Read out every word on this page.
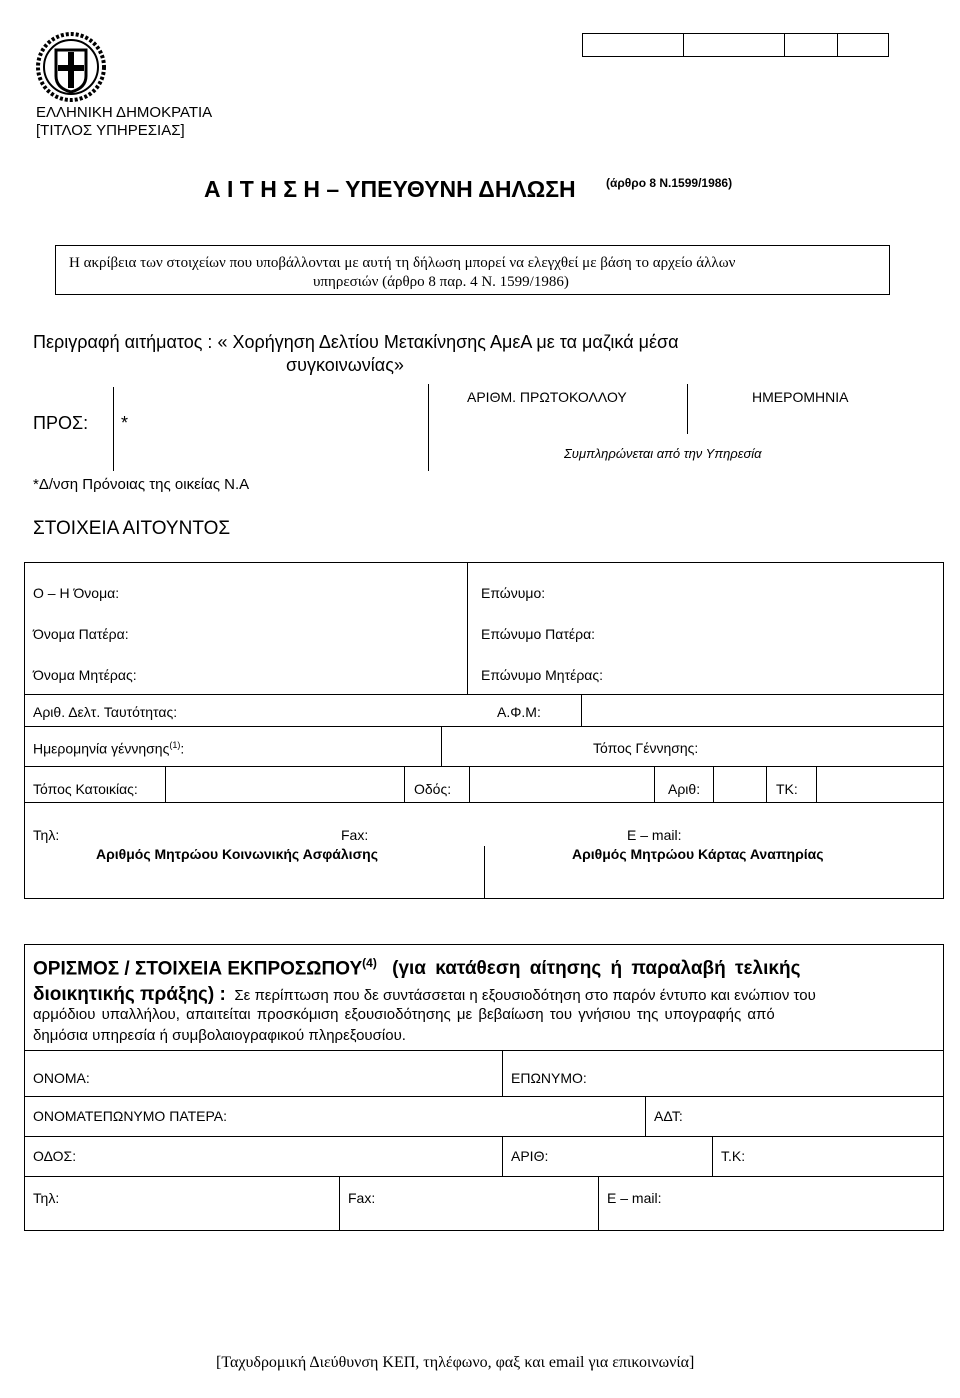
ΕΛΛΗΝΙΚΗ ΔΗΜΟΚΡΑΤΙΑ
[ΤΙΤΛΟΣ ΥΠΗΡΕΣΙΑΣ]
Α Ι Τ Η Σ Η – ΥΠΕΥΘΥΝΗ ΔΗΛΩΣΗ	(άρθρο 8 Ν.1599/1986)
Η ακρίβεια των στοιχείων που υποβάλλονται με αυτή τη δήλωση μπορεί να ελεγχθεί με βάση το αρχείο άλλων
υπηρεσιών (άρθρο 8 παρ. 4 Ν. 1599/1986)
Περιγραφή αιτήματος : « Χορήγηση Δελτίου Μετακίνησης ΑμεΑ με τα μαζικά μέσα
συγκοινωνίας»
ΠΡΟΣ: *
*Δ/νση Πρόνοιας της οικείας Ν.Α
ΑΡΙΘΜ. ΠΡΩΤΟΚΟΛΛΟΥ	ΗΜΕΡΟΜΗΝΙΑ
Συμπληρώνεται από την Υπηρεσία
ΣΤΟΙΧΕΙΑ ΑΙΤΟΥΝΤΟΣ
Ο – Η Όνομα:	Επώνυμο:
Όνομα Πατέρα:	Επώνυμο Πατέρα:
Όνομα Μητέρας:	Επώνυμο Μητέρας:
Αριθ. Δελτ. Ταυτότητας:	Α.Φ.Μ:
Ημερομηνία γέννησης$^{(1)}$:	Τόπος Γέννησης:
Τόπος Κατοικίας:	Οδός:	Αριθ:	ΤΚ:
Τηλ:	Fax:	E – mail:
Αριθμός Μητρώου Κοινωνικής Ασφάλισης	Αριθμός Μητρώου Κάρτας Αναπηρίας
ΟΡΙΣΜΟΣ / ΣΤΟΙΧΕΙΑ ΕΚΠΡΟΣΩΠΟΥ$^{(4)}$ (για κατάθεση αίτησης ή παραλαβή τελικής
διοικητικής πράξης) : Σε περίπτωση που δε συντάσσεται η εξουσιοδότηση στο παρόν έντυπο και ενώπιον του
αρμόδιου υπαλλήλου, απαιτείται προσκόμιση εξουσιοδότησης με βεβαίωση του γνήσιου της υπογραφής από
δημόσια υπηρεσία ή συμβολαιογραφικού πληρεξουσίου.
ΟΝΟΜΑ:	ΕΠΩΝΥΜΟ:
ΟΝΟΜΑΤΕΠΩΝΥΜΟ ΠΑΤΕΡΑ:	ΑΔΤ:
ΟΔΟΣ:	ΑΡΙΘ:	Τ.Κ:
Τηλ:	Fax:	E – mail:
[Ταχυδρομική Διεύθυνση ΚΕΠ, τηλέφωνο, φαξ και email για επικοινωνία]
